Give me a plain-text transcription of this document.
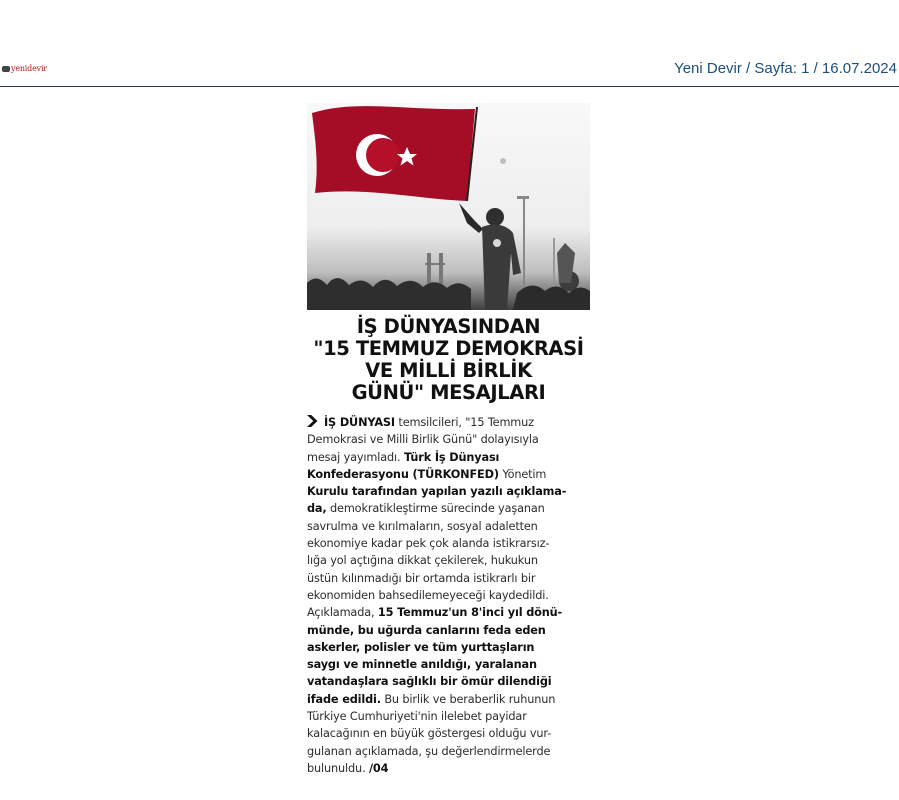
yenidevir	Yeni Devir / Sayfa: 1 / 16.07.2024
İŞ DÜNYASINDAN
"15 TEMMUZ DEMOKRASİ
VE MİLLİ BİRLİK
GÜNÜ" MESAJLARI
İŞ DÜNYASI temsilcileri, "15 Temmuz
Demokrasi ve Milli Birlik Günü" dolayısıyla
mesaj yayımladı. Türk İş Dünyası
Konfederasyonu (TÜRKONFED) Yönetim
Kurulu tarafından yapılan yazılı açıklama-
da, demokratikleştirme sürecinde yaşanan
savrulma ve kırılmaların, sosyal adaletten
ekonomiye kadar pek çok alanda istikrarsız-
lığa yol açtığına dikkat çekilerek, hukukun
üstün kılınmadığı bir ortamda istikrarlı bir
ekonomiden bahsedilemeyeceği kaydedildi.
Açıklamada, 15 Temmuz'un 8'inci yıl dönü-
münde, bu uğurda canlarını feda eden
askerler, polisler ve tüm yurttaşların
saygı ve minnetle anıldığı, yaralanan
vatandaşlara sağlıklı bir ömür dilendiği
ifade edildi. Bu birlik ve beraberlik ruhunun
Türkiye Cumhuriyeti'nin ilelebet payidar
kalacağının en büyük göstergesi olduğu vur-
gulanan açıklamada, şu değerlendirmelerde
bulunuldu. /04
